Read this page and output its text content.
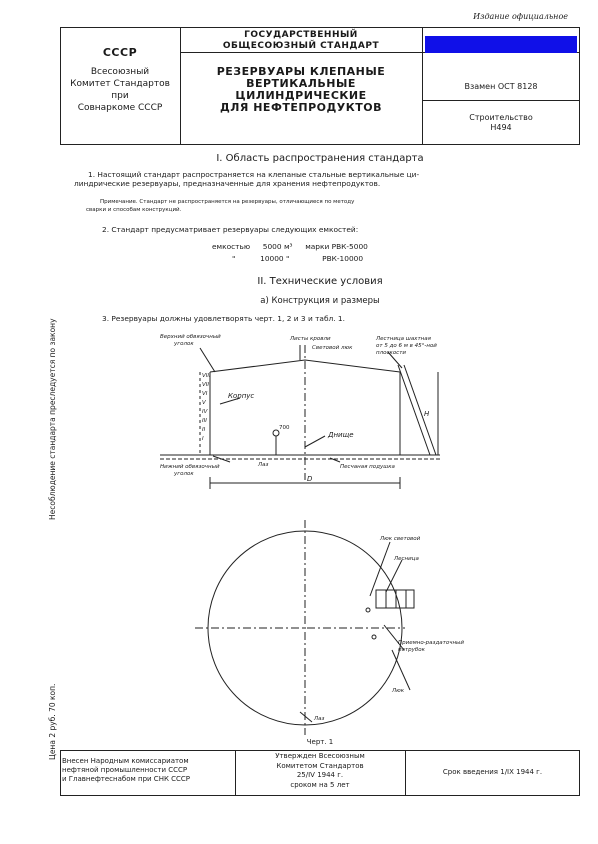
Издание официальное
Несоблюдение стандарта преследуется по закону
Цена 2 руб. 70 коп.
ГОСУДАРСТВЕННЫЙ
ОБЩЕСОЮЗНЫЙ СТАНДАРТ
СССР
Всесоюзный
Комитет Стандартов
при
Совнаркоме СССР
РЕЗЕРВУАРЫ КЛЕПАНЫЕ
ВЕРТИКАЛЬНЫЕ
ЦИЛИНДРИЧЕСКИЕ
ДЛЯ НЕФТЕПРОДУКТОВ
Взамен ОСТ 8128
Строительство
Н494
I. Область распространения стандарта
1. Настоящий стандарт распространяется на клепаные стальные вертикальные ци-
линдрические резервуары, предназначенные для хранения нефтепродуктов.
Примечание. Стандарт не распространяется на резервуары, отличающиеся по методу
сварки и способам конструкций.
2. Стандарт предусматривает резервуары следующих емкостей:
емкостью 5000 м³ марки РВК-5000
"	10000 "	РВК-10000
II. Технические условия
а) Конструкция и размеры
3. Резервуары должны удовлетворять черт. 1, 2 и 3 и табл. 1.
Верхний обвязочный
уголок
Листы кровли
Световой люк
Лестница шахтная
от 5 до 6 м в 45°-ной
плоскости
Корпус
Днище
Нижний обвязочный
уголок
Лаз	Песчаная подушка
VIII
VII
VI
V
IV
III
II
I
D
H
700
Люк световой
Лесница
Приемно-раздаточный патрубок
Люк
Лаз
Черт. 1
Внесен Народным комиссариатом
нефтяной промышленности СССР
и Главнефтеснабом при СНК СССР
Утвержден Всесоюзным
Комитетом Стандартов
25/IV 1944 г.
сроком на 5 лет
Срок введения 1/IX 1944 г.
